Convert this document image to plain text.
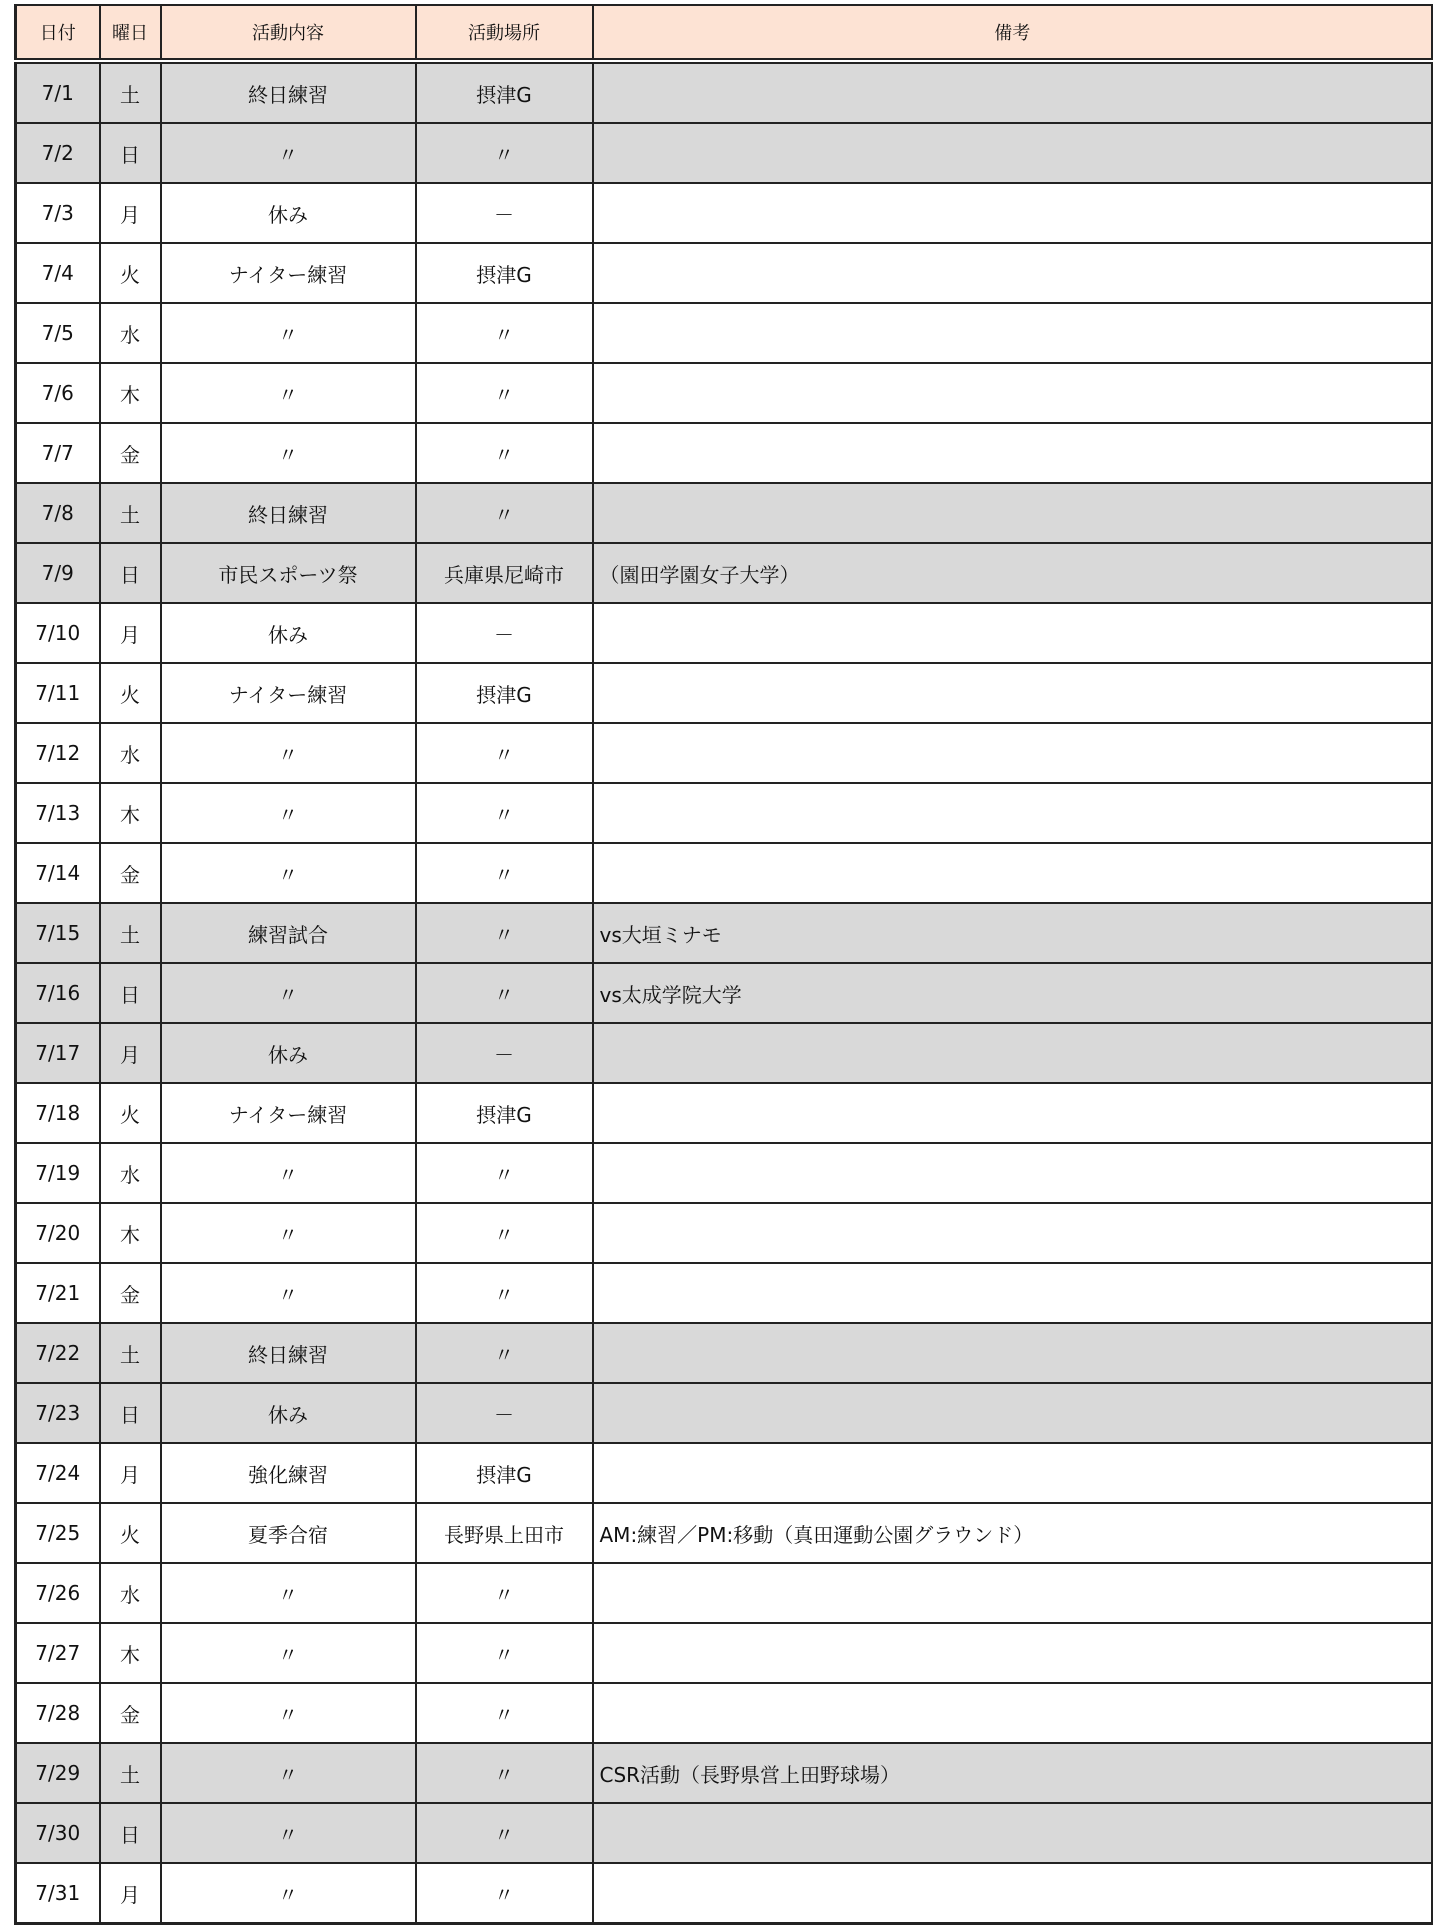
日付	曜日	活動内容	活動場所	備考
7/1	土	終日練習	摂津G	
7/2	日	〃	〃	
7/3	月	休み	－	
7/4	火	ナイター練習	摂津G	
7/5	水	〃	〃	
7/6	木	〃	〃	
7/7	金	〃	〃	
7/8	土	終日練習	〃	
7/9	日	市民スポーツ祭	兵庫県尼崎市	（園田学園女子大学）
7/10	月	休み	－	
7/11	火	ナイター練習	摂津G	
7/12	水	〃	〃	
7/13	木	〃	〃	
7/14	金	〃	〃	
7/15	土	練習試合	〃	vs大垣ミナモ
7/16	日	〃	〃	vs太成学院大学
7/17	月	休み	－	
7/18	火	ナイター練習	摂津G	
7/19	水	〃	〃	
7/20	木	〃	〃	
7/21	金	〃	〃	
7/22	土	終日練習	〃	
7/23	日	休み	－	
7/24	月	強化練習	摂津G	
7/25	火	夏季合宿	長野県上田市	AM:練習／PM:移動（真田運動公園グラウンド）
7/26	水	〃	〃	
7/27	木	〃	〃	
7/28	金	〃	〃	
7/29	土	〃	〃	CSR活動（長野県営上田野球場）
7/30	日	〃	〃	
7/31	月	〃	〃	
